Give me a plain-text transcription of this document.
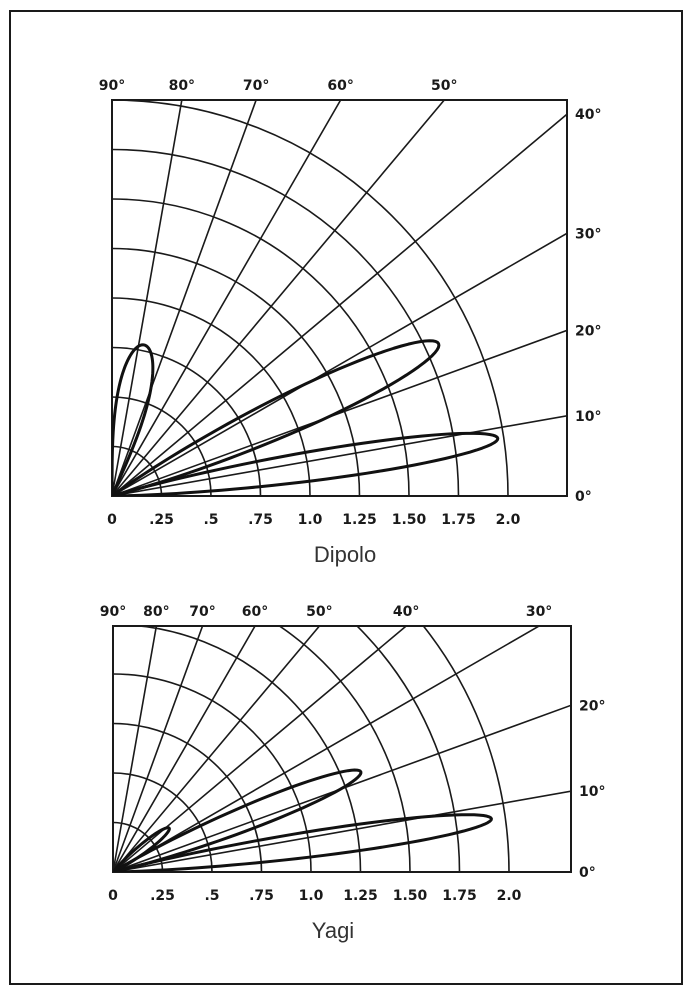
0 .25 .5 .75 1.0 1.25 1.50 1.75 2.0
90°	80°	70°	60°	50°
40°
30°
20°
10°
0°
Dipolo
0 .25 .5 .75 1.0 1.25 1.50 1.75 2.0
90° 80° 70° 60°	50°	40°	30°
20°
10°
0°
Yagi
